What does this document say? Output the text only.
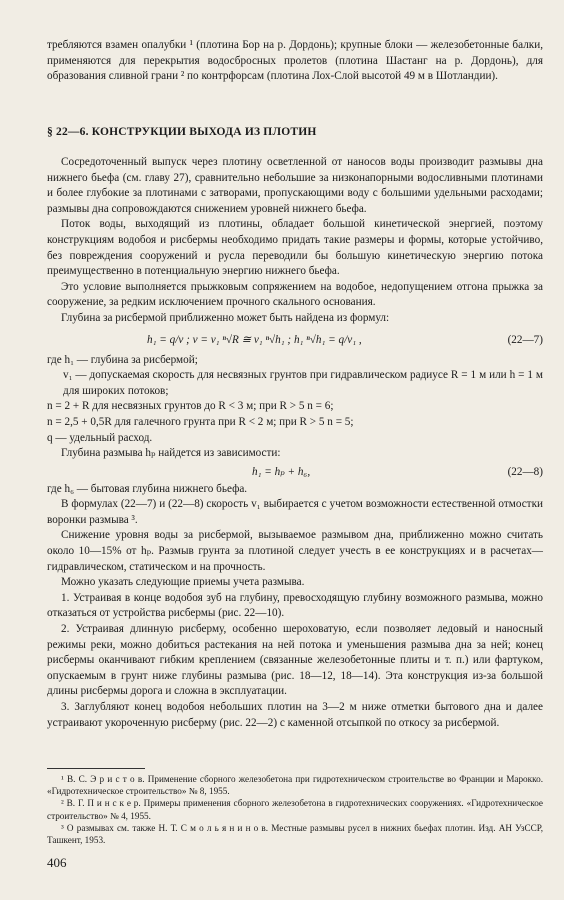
требляются взамен опалубки ¹ (плотина Бор на р. Дордонь); крупные блоки — железобетонные балки, применяются для перекрытия водосбросных пролетов (плотина Шастанг на р. Дордонь), для образования сливной грани ² по контрфорсам (плотина Лох-Слой высотой 49 м в Шотландии).

§ 22—6. КОНСТРУКЦИИ ВЫХОДА ИЗ ПЛОТИН

Сосредоточенный выпуск через плотину осветленной от наносов воды производит размывы дна нижнего бьефа (см. главу 27), сравнительно небольшие за низконапорными водосливными плотинами и более глубокие за плотинами с затворами, пропускающими воду с большими удельными расходами; размывы дна сопровождаются снижением уровней нижнего бьефа.

Поток воды, выходящий из плотины, обладает большой кинетической энергией, поэтому конструкциям водобоя и рисбермы необходимо придать такие размеры и формы, которые устойчиво, без повреждения сооружений и русла переводили бы большую кинетическую энергию потока преимущественно в потенциальную энергию нижнего бьефа.

Это условие выполняется прыжковым сопряжением на водобое, недопущением отгона прыжка за сооружение, за редким исключением прочного скального основания.

Глубина за рисбермой приближенно может быть найдена из формул:

h₁ = q/v ; v = v₁ ⁿ√R ≅ v₁ ⁿ√h₁ ; h₁ ⁿ√h₁ = q/v₁ ,	(22—7)

где h₁ — глубина за рисбермой;

v₁ — допускаемая скорость для несвязных грунтов при гидравлическом радиусе R = 1 м или h = 1 м для широких потоков;

n = 2 + R для несвязных грунтов до R < 3 м; при R > 5 n = 6;

n = 2,5 + 0,5R для галечного грунта при R < 2 м; при R > 5 n = 5;

q — удельный расход.

Глубина размыва hₚ найдется из зависимости:

h₁ = hₚ + h₆,	(22—8)

где h₆ — бытовая глубина нижнего бьефа.

В формулах (22—7) и (22—8) скорость v₁ выбирается с учетом возможности естественной отмостки воронки размыва ³.

Снижение уровня воды за рисбермой, вызываемое размывом дна, приближенно можно считать около 10—15% от hₚ. Размыв грунта за плотиной следует учесть в ее конструкциях и в расчетах—гидравлическом, статическом и на прочность.

Можно указать следующие приемы учета размыва.

1. Устраивая в конце водобоя зуб на глубину, превосходящую глубину возможного размыва, можно отказаться от устройства рисбермы (рис. 22—10).

2. Устраивая длинную рисберму, особенно шероховатую, если позволяет ледовый и наносный режимы реки, можно добиться растекания на ней потока и уменьшения размыва дна за ней; конец рисбермы оканчивают гибким креплением (связанные железобетонные плиты и т. п.) или фартуком, опускаемым в грунт ниже глубины размыва (рис. 18—12, 18—14). Эта конструкция из-за большой длины рисбермы дорога и сложна в эксплуатации.

3. Заглубляют конец водобоя небольших плотин на 3—2 м ниже отметки бытового дна и далее устраивают укороченную рисберму (рис. 22—2) с каменной отсыпкой по откосу за рисбермой.

¹ В. С. Э р и с т о в. Применение сборного железобетона при гидротехническом строительстве во Франции и Марокко. «Гидротехническое строительство» № 8, 1955.

² В. Г. П и н с к е р. Примеры применения сборного железобетона в гидротехнических сооружениях. «Гидротехническое строительство» № 4, 1955.

³ О размывах см. также Н. Т. С м о л ь я н и н о в. Местные размывы русел в нижних бьефах плотин. Изд. АН УзССР, Ташкент, 1953.

406
